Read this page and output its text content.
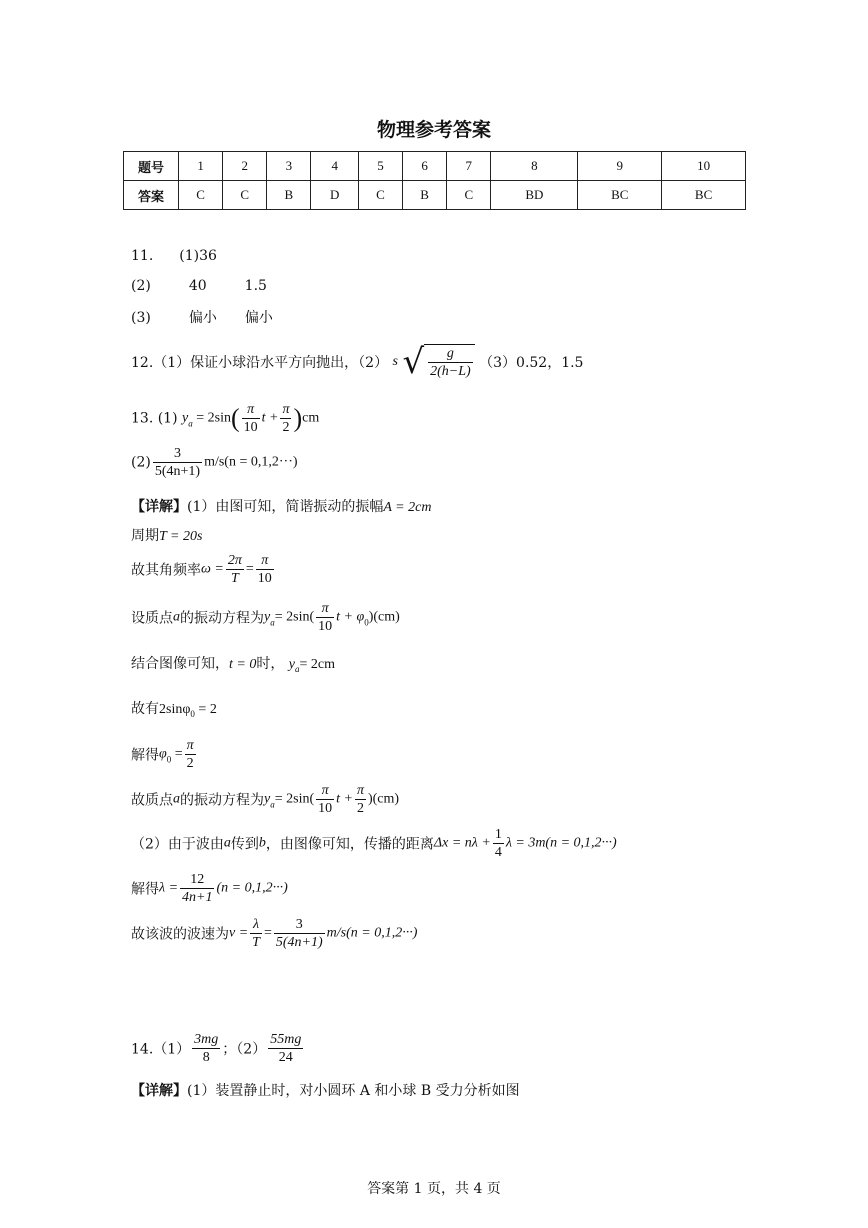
物理参考答案
题号	1	2	3	4	5	6	7	8	9	10
答案	C	C	B	D	C	B	C	BD	BC	BC
11. (1)36
(2)	40	1.5
(3)	偏小 偏小
12.（1）保证小球沿水平方向抛出，（2） s √ $\frac{g}{2(h-L)} (3)0.52$，1.5
13. (1) $y_a = 2\sin( \frac{\pi}{10}$ $t + \frac{\pi}{2} )cm$
$(2) \frac{3}{5(4n+1)} m/s(n = 0,1,2\cdot\cdot\cdot)$
【详解】(1）由图可知，简谐振动的振幅A = 2cm
周期T = 20s
故其角频率$\omega = \frac{2\pi}{T} = \frac{\pi}{10}$
设质点a的振动方程为$y_a= 2\sin( \frac{\pi}{10}$ $t + \varphi_0)(cm)$
结合图像可知，t = 0时， $y_a= 2cm$
故有2sinφ$_0$ = 2
解得$\varphi_0 = \frac{\pi}{2}$
故质点a的振动方程为$y_a= 2\sin( \frac{\pi}{10}$ $t + \frac{\pi}{2} )(cm)$
（2）由于波由a传到b，由图像可知，传播的距离$\Delta x = n\lambda + \frac{1}{4}$ λ = 3m(n = 0,1,2···)
解得$\lambda = \frac{12}{4n+1} (n = 0,1,2\cdot\cdot\cdot)$
故该波的波速为$v = \frac{\lambda}{T} = \frac{3}{5(4n+1)} m/s(n = 0,1,2\cdot\cdot\cdot)$
$14.(1) \frac{3mg}{8}$ ；$(2) \frac{55mg}{24}$
【详解】(1）装置静止时，对小圆环 A 和小球 B 受力分析如图
答案第 1 页，共 4 页
